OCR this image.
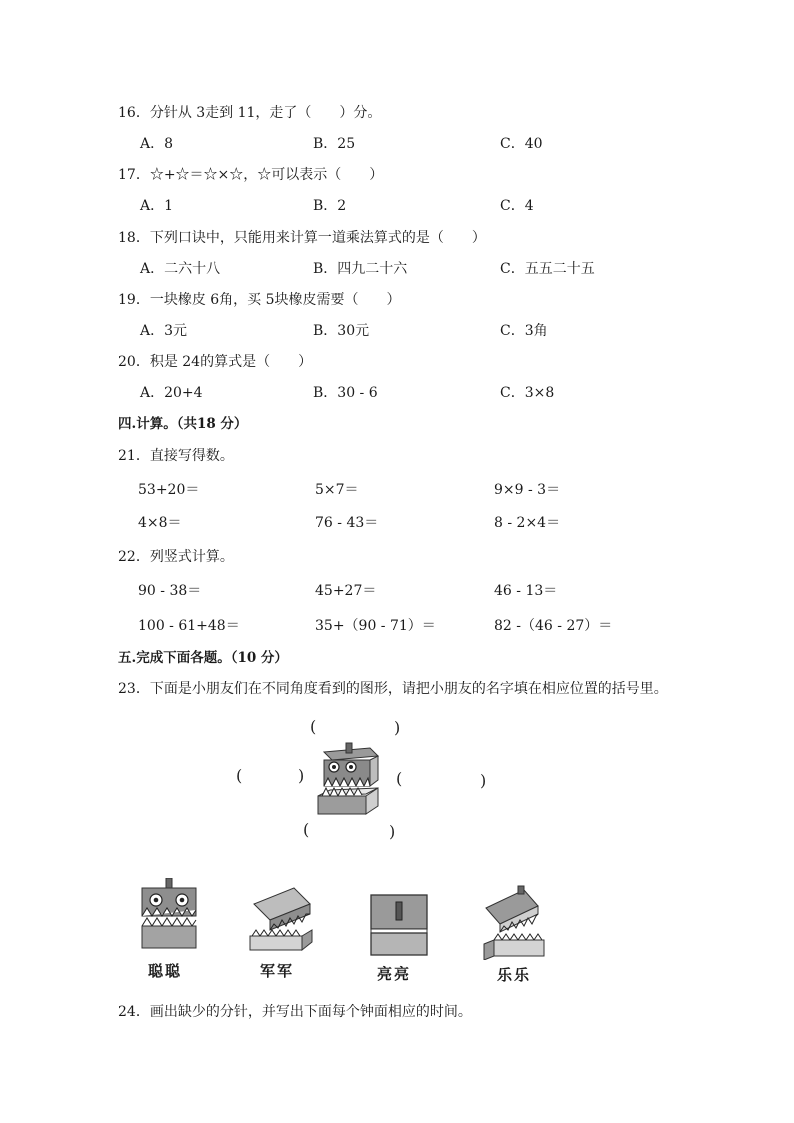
16．分针从 3走到 11，走了（　　）分。
A．8	B．25	C．40
17．☆+☆＝☆×☆，☆可以表示（　　）
A．1	B．2	C．4
18．下列口诀中，只能用来计算一道乘法算式的是（　　）
A．二六十八	B．四九二十六	C．五五二十五
19．一块橡皮 6角，买 5块橡皮需要（　　）
A．3元	B．30元	C．3角
20．积是 24的算式是（　　）
A．20+4	B．30 - 6	C．3×8
四.计算。（共18 分）
21．直接写得数。
53+20＝	5×7＝	9×9 - 3＝
4×8＝	76 - 43＝	8 - 2×4＝
22．列竖式计算。
90 - 38＝	45+27＝	46 - 13＝
100 - 61+48＝	35+（90 - 71）＝	82 -（46 - 27）＝
五.完成下面各题。（10 分）
23．下面是小朋友们在不同角度看到的图形，请把小朋友的名字填在相应位置的括号里。
(	)
(	)	(	)
(	)
聪聪	军军	亮亮	乐乐
24．画出缺少的分针，并写出下面每个钟面相应的时间。
